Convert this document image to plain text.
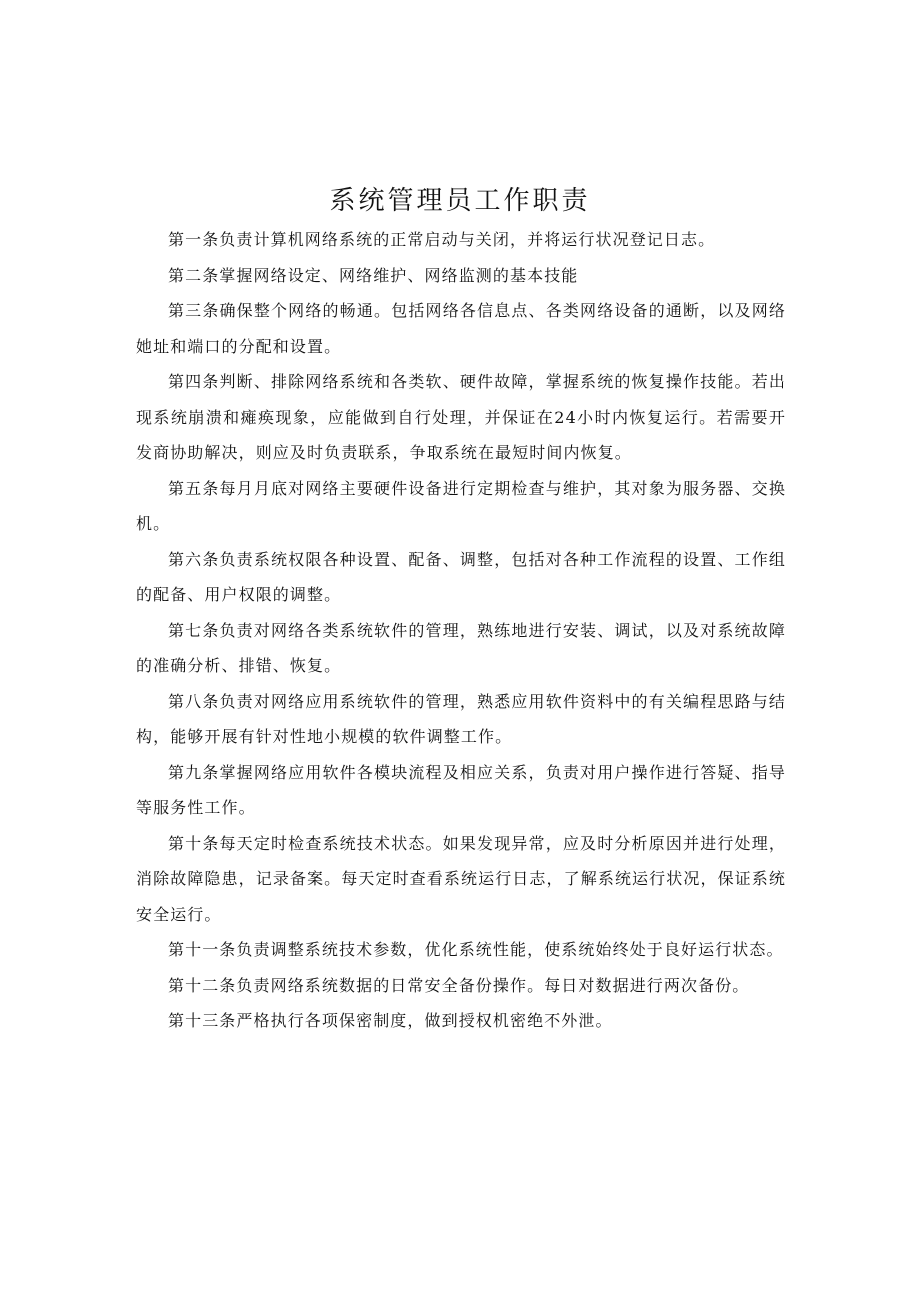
系统管理员工作职责

第一条负责计算机网络系统的正常启动与关闭，并将运行状况登记日志。

第二条掌握网络设定、网络维护、网络监测的基本技能

第三条确保整个网络的畅通。包括网络各信息点、各类网络设备的通断，以及网络她址和端口的分配和设置。

第四条判断、排除网络系统和各类软、硬件故障，掌握系统的恢复操作技能。若出现系统崩溃和瘫痪现象，应能做到自行处理，并保证在24小时内恢复运行。若需要开发商协助解决，则应及时负责联系，争取系统在最短时间内恢复。

第五条每月月底对网络主要硬件设备进行定期检查与维护，其对象为服务器、交换机。

第六条负责系统权限各种设置、配备、调整，包括对各种工作流程的设置、工作组的配备、用户权限的调整。

第七条负责对网络各类系统软件的管理，熟练地进行安装、调试，以及对系统故障的准确分析、排错、恢复。

第八条负责对网络应用系统软件的管理，熟悉应用软件资料中的有关编程思路与结构，能够开展有针对性地小规模的软件调整工作。

第九条掌握网络应用软件各模块流程及相应关系，负责对用户操作进行答疑、指导等服务性工作。

第十条每天定时检查系统技术状态。如果发现异常，应及时分析原因并进行处理，消除故障隐患，记录备案。每天定时查看系统运行日志，了解系统运行状况，保证系统安全运行。

第十一条负责调整系统技术参数，优化系统性能，使系统始终处于良好运行状态。

第十二条负责网络系统数据的日常安全备份操作。每日对数据进行两次备份。

第十三条严格执行各项保密制度，做到授权机密绝不外泄。
